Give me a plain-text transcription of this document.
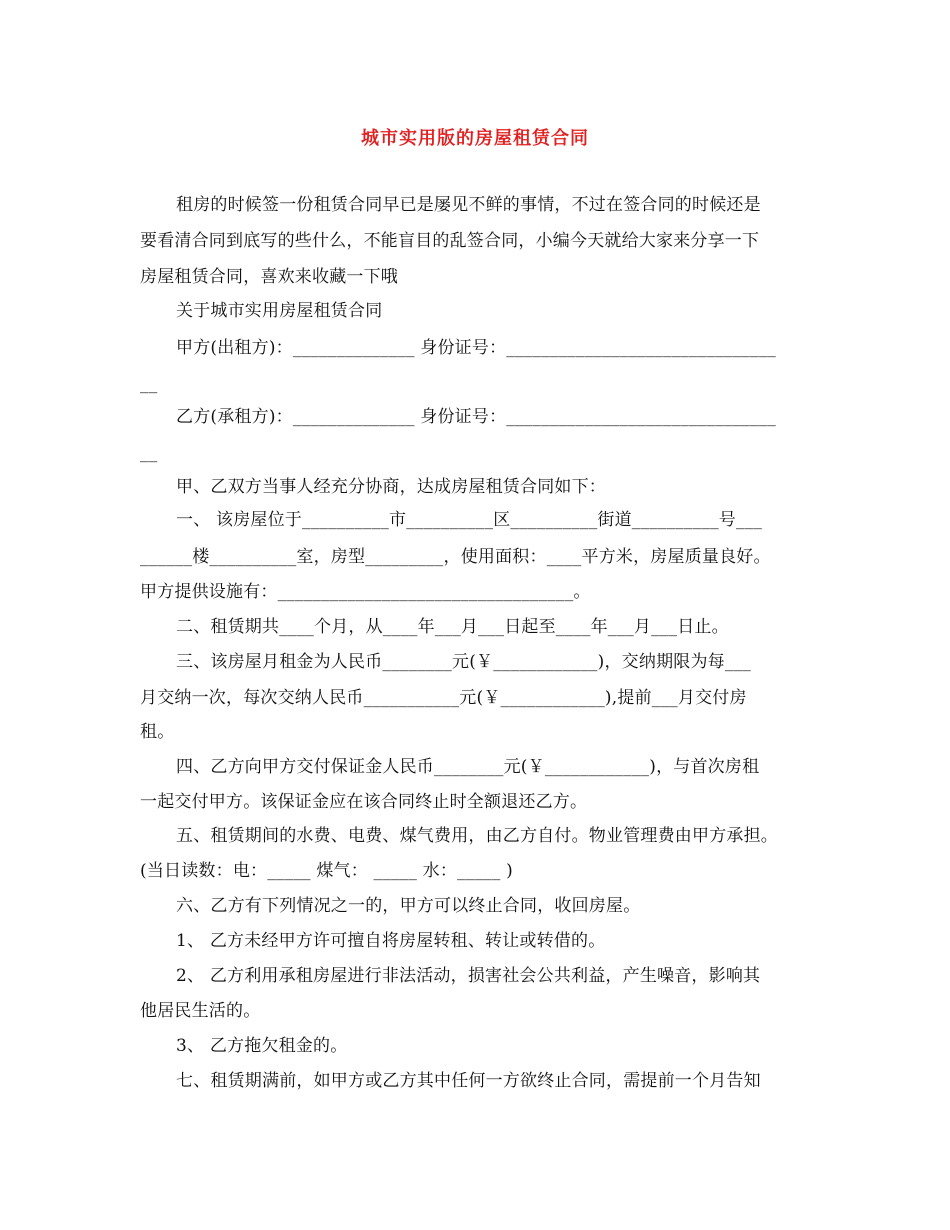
城市实用版的房屋租赁合同
租房的时候签一份租赁合同早已是屡见不鲜的事情，不过在签合同的时候还是
要看清合同到底写的些什么，不能盲目的乱签合同，小编今天就给大家来分享一下
房屋租赁合同，喜欢来收藏一下哦
关于城市实用房屋租赁合同
甲方(出租方)：______________ 身份证号：_______________________________
__
乙方(承租方)：______________ 身份证号：_______________________________
__
甲、乙双方当事人经充分协商，达成房屋租赁合同如下：
一、 该房屋位于__________市__________区__________街道__________号___
______楼__________室，房型_________，使用面积：____平方米，房屋质量良好。
甲方提供设施有：__________________________________。
二、租赁期共____个月，从____年___月___日起至____年___月___日止。
三、该房屋月租金为人民币________元(￥____________)，交纳期限为每___
月交纳一次，每次交纳人民币___________元(￥____________),提前___月交付房
租。
四、乙方向甲方交付保证金人民币________元(￥____________)，与首次房租
一起交付甲方。该保证金应在该合同终止时全额退还乙方。
五、租赁期间的水费、电费、煤气费用，由乙方自付。物业管理费由甲方承担。
(当日读数：电：_____ 煤气： _____ 水：_____ )
六、乙方有下列情况之一的，甲方可以终止合同，收回房屋。
1、 乙方未经甲方许可擅自将房屋转租、转让或转借的。
2、 乙方利用承租房屋进行非法活动，损害社会公共利益，产生噪音，影响其
他居民生活的。
3、 乙方拖欠租金的。
七、租赁期满前，如甲方或乙方其中任何一方欲终止合同，需提前一个月告知
